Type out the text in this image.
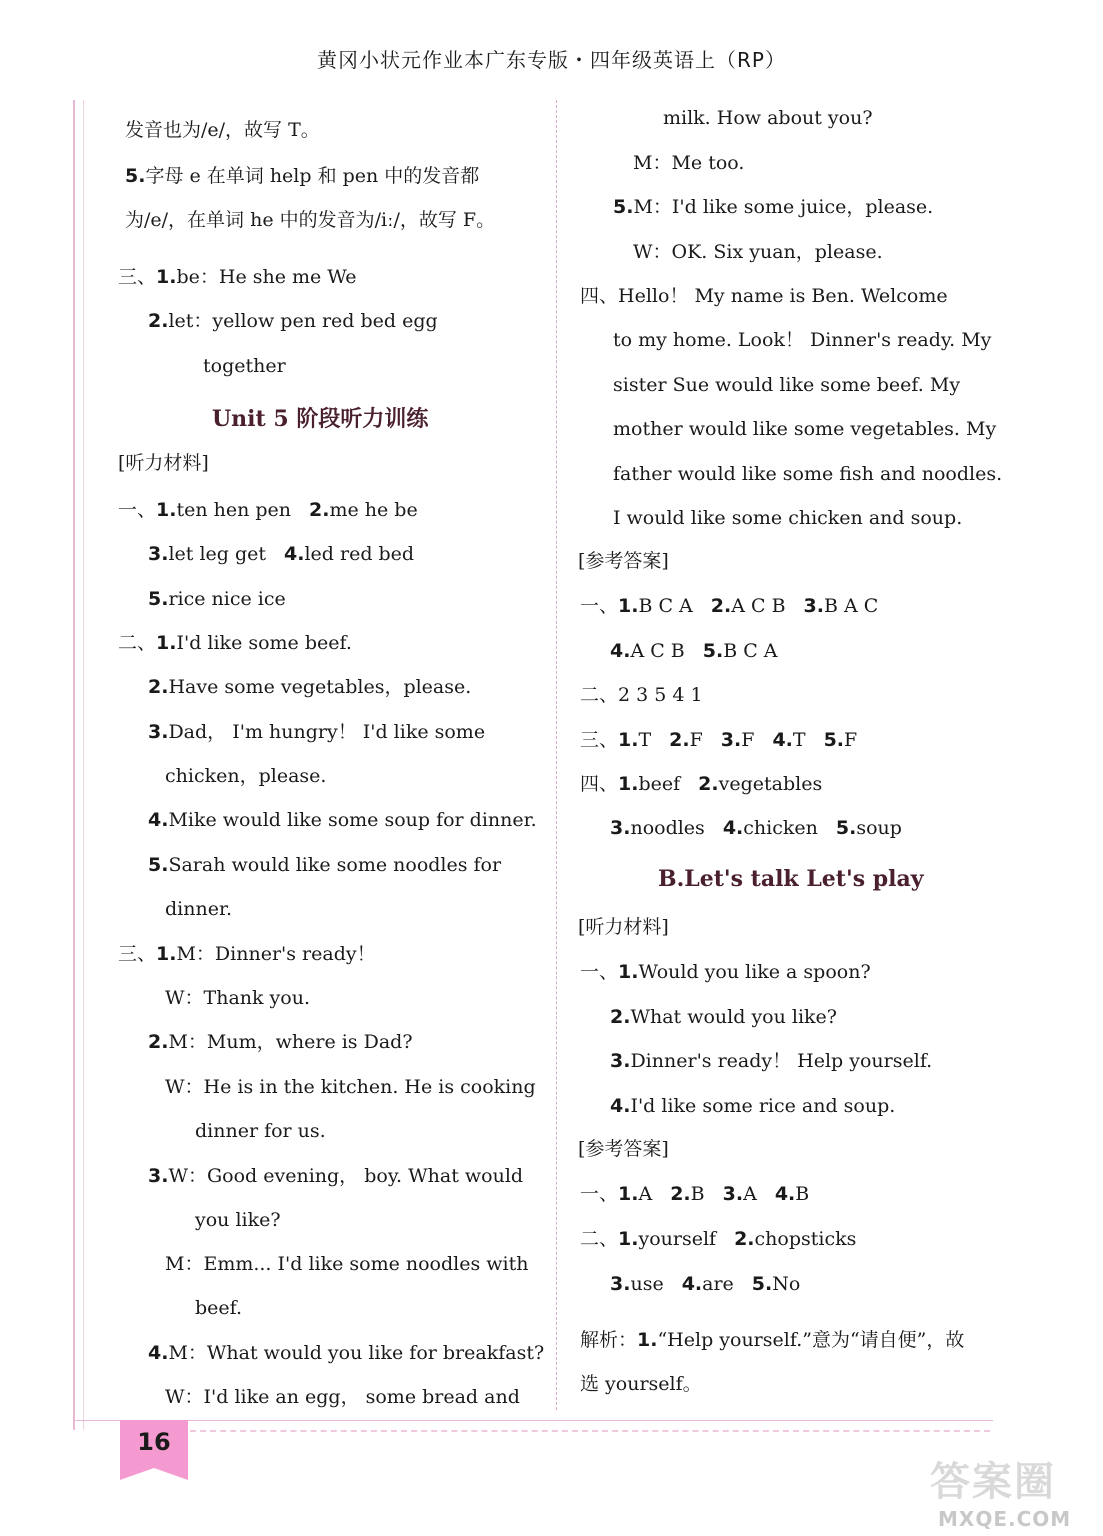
黄冈小状元作业本广东专版・四年级英语上（RP）
16
答案圈
MXQE.COM
发音也为/e/，故写 T。
5.字母 e 在单词 help 和 pen 中的发音都
为/e/，在单词 he 中的发音为/iː/，故写 F。
三、1.be：He she me We
2.let：yellow pen red bed egg
together
Unit 5 阶段听力训练
[听力材料]
一、1.ten hen pen 2.me he be
3.let leg get 4.led red bed
5.rice nice ice
二、1.I'd like some beef.
2.Have some vegetables，please.
3.Dad， I'm hungry！ I'd like some
chicken，please.
4.Mike would like some soup for dinner.
5.Sarah would like some noodles for
dinner.
三、1.M：Dinner's ready！
W：Thank you.
2.M：Mum，where is Dad?
W：He is in the kitchen. He is cooking
dinner for us.
3.W：Good evening， boy. What would
you like?
M：Emm... I'd like some noodles with
beef.
4.M：What would you like for breakfast?
W：I'd like an egg， some bread and
milk. How about you?
M：Me too.
5.M：I'd like some juice，please.
W：OK. Six yuan，please.
四、Hello！ My name is Ben. Welcome
to my home. Look！ Dinner's ready. My
sister Sue would like some beef. My
mother would like some vegetables. My
father would like some fish and noodles.
I would like some chicken and soup.
[参考答案]
一、1.B C A 2.A C B 3.B A C
4.A C B 5.B C A
二、2 3 5 4 1
三、1.T 2.F 3.F 4.T 5.F
四、1.beef 2.vegetables
3.noodles 4.chicken 5.soup
B.Let's talk Let's play
[听力材料]
一、1.Would you like a spoon?
2.What would you like?
3.Dinner's ready！ Help yourself.
4.I'd like some rice and soup.
[参考答案]
一、1.A 2.B 3.A 4.B
二、1.yourself 2.chopsticks
3.use 4.are 5.No
解析：1.“Help yourself.”意为“请自便”，故
选 yourself。
